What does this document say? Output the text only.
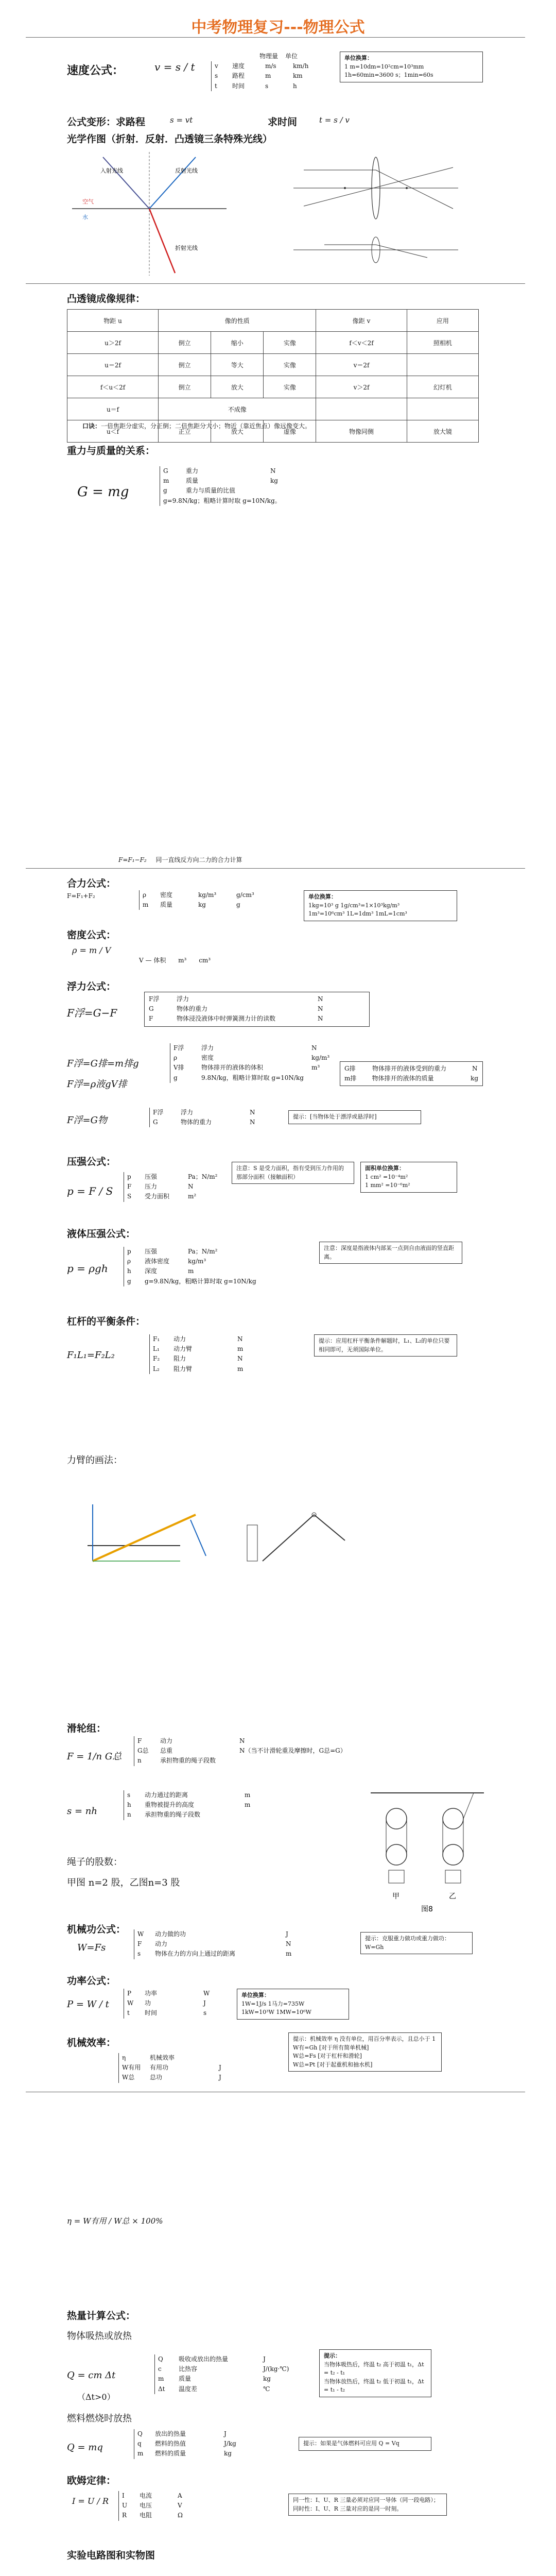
中考物理复习---物理公式
速度公式：	v = s / t
物理量 单位
v	速度	m/s	km/h
s	路程	m	km
t	时间	s	h
单位换算：
1 m=10dm=10²cm=10³mm
1h=60min=3600 s；1min=60s
公式变形：求路程	s = vt	求时间	t = s / v
光学作图（折射．反射．凸透镜三条特殊光线）
入射光线	反射光线
空气
水
折射光线
凸透镜成像规律：
物距 u	像的性质			像距 v	应用
u＞2f	倒立	缩小	实像	f＜v＜2f	照相机
u＝2f	倒立	等大	实像	v＝2f	
f＜u＜2f	倒立	放大	实像	v＞2f	幻灯机
u＝f	不成像				
u＜f	正立	放大	虚像	物像同侧	放大镜
口诀：一倍焦距分虚实，分正倒；二倍焦距分大小；物近（靠近焦点）像远像变大。
重力与质量的关系：
G = mg
G	重力	N
m	质量	kg
g	重力与质量的比值
g=9.8N/kg；粗略计算时取 g=10N/kg。
F=F₁−F₂ 同一直线反方向二力的合力计算
合力公式：
F=F₁+F₂	ρ	密度	kg/m³	g/cm³
m	质量	kg	g
单位换算：
1kg=10³ g 1g/cm³=1×10³kg/m³
1m³=10⁶cm³ 1L=1dm³ 1mL=1cm³
密度公式：
ρ = m / V
V — 体积 m³ cm³
浮力公式：
F浮=G−F
F浮	浮力	N
G	物体的重力	N
F	物体浸没液体中时弹簧测力计的读数	N
F浮=G排=m排g
F浮=ρ液gV排
F浮	浮力	N
ρ	密度	kg/m³
V排	物体排开的液体的体积	m³
g	9.8N/kg，粗略计算时取 g=10N/kg
G排	物体排开的液体受到的重力	N
m排	物体排开的液体的质量	kg
F浮=G物
F浮	浮力	N
G	物体的重力	N
提示：[当物体处于漂浮或悬浮时]
压强公式：
p = F / S
p	压强	Pa；N/m²
F	压力	N
S	受力面积	m²
注意：S 是受力面积，指有受到压力作用的那部分面积（接触面积）
面积单位换算：
1 cm² =10⁻⁴m²
1 mm² =10⁻⁶m²
液体压强公式：
p = ρgh
p	压强	Pa；N/m²
ρ	液体密度	kg/m³
h	深度	m
g	g=9.8N/kg，粗略计算时取 g=10N/kg
注意：深度是指液体内部某一点到自由液面的竖直距离。
杠杆的平衡条件：
F₁L₁=F₂L₂
F₁	动力	N
L₁	动力臂	m
F₂	阻力	N
L₂	阻力臂	m
提示：应用杠杆平衡条件解题时，L₁、L₂的单位只要相同即可，无须国际单位。
力臂的画法：
滑轮组：
F = 1/n G总
F	动力	N
G总	总重	N（当不计滑轮重及摩擦时，G总=G）
n	承担物重的绳子段数
s = nh
s	动力通过的距离	m
h	重物被提升的高度	m
n	承担物重的绳子段数
甲	乙
图8
绳子的股数：
甲图 n=2 股，乙图n=3 股
机械功公式：
W=Fs
W	动力做的功	J
F	动力	N
s	物体在力的方向上通过的距离	m
提示：克服重力做功或重力做功：W=Gh
功率公式：
P = W / t
P	功率	W
W	功	J
t	时间	s
单位换算：
1W=1J/s 1马力=735W
1kW=10³W 1MW=10⁶W
机械效率：
η	机械效率
W有用	有用功	J
W总	总功	J
提示：机械效率 η 没有单位，用百分率表示，且总小于 1
W有=Gh [对于所有简单机械]
W总=Fs [对于杠杆和滑轮]
W总=Pt [对于起重机和抽水机]
η = W有用 / W总 × 100%
热量计算公式：
物体吸热或放热
Q = cm Δt
（Δt>0）
Q	吸收或放出的热量	J
c	比热容	J/(kg·℃)
m	质量	kg
Δt	温度差	℃
提示：
当物体吸热后，终温 t₂ 高于初温 t₁，Δt = t₂ - t₁
当物体放热后，终温 t₂ 低于初温 t₁，Δt = t₁ - t₂
燃料燃烧时放热
Q = mq
Q	放出的热量	J
q	燃料的热值	J/kg
m	燃料的质量	kg
提示：如果是气体燃料可应用 Q = Vq
欧姆定律：
I = U / R
I	电流	A
U	电压	V
R	电阻	Ω
同一性：I、U、R 三量必须对应同一导体（同一段电路）；
同时性：I、U、R 三量对应的是同一时刻。
实验电路图和实物图
